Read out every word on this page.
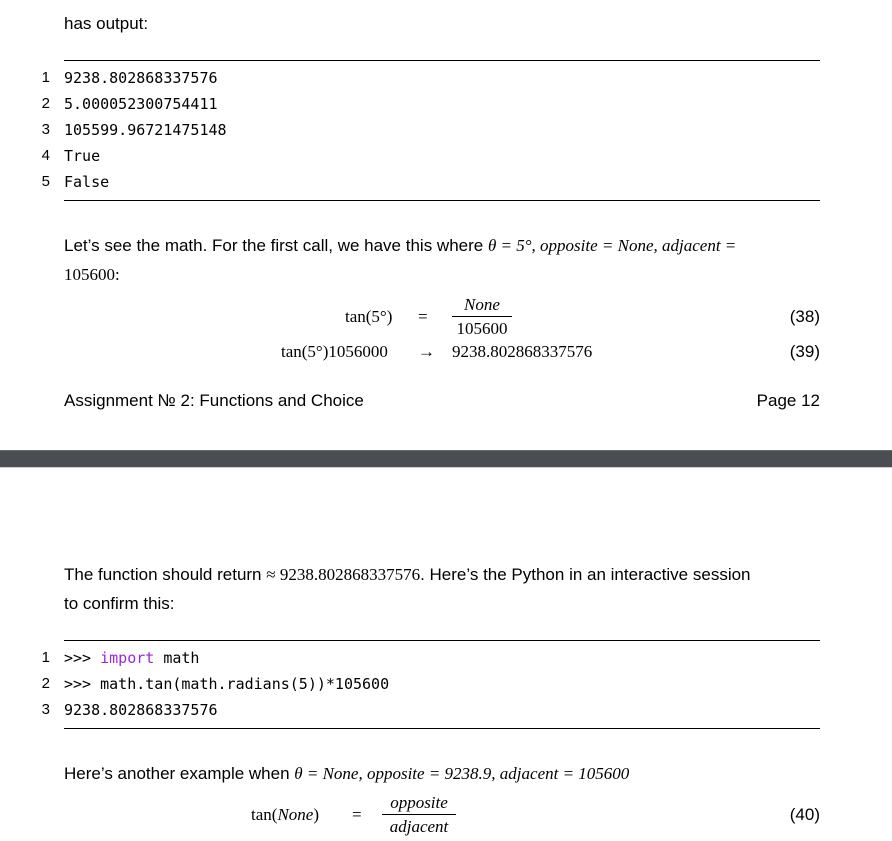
has output:
1 9238.802868337576
2 5.000052300754411
3 105599.96721475148
4 True
5 False
Let’s see the math. For the first call, we have this where θ = 5°, opposite = None, adjacent =
105600:
tan(5°) =
None
105600
(38)
tan(5°)1056000 → 9238.802868337576	(39)
Assignment № 2: Functions and Choice	Page 12
The function should return ≈ 9238.802868337576. Here’s the Python in an interactive session
to confirm this:
1 >>> import math
2 >>> math.tan(math.radians(5))*105600
3 9238.802868337576
Here’s another example when θ = None, opposite = 9238.9, adjacent = 105600
tan(None) =
opposite
adjacent
(40)
